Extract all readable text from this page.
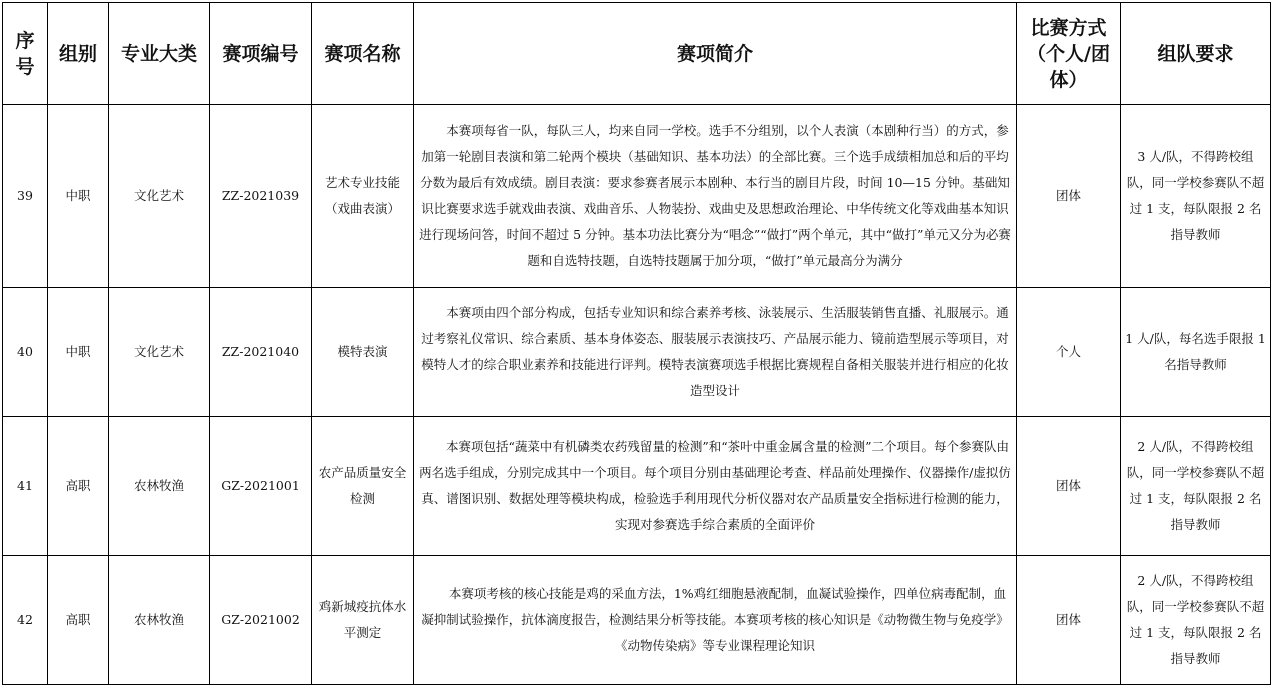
序号	组别	专业大类	赛项编号	赛项名称	赛项简介	比赛方式（个人/团体）	组队要求
39	中职	文化艺术	ZZ-2021039	艺术专业技能（戏曲表演）	本赛项每省一队，每队三人，均来自同一学校。选手不分组别，以个人表演（本剧种行当）的方式，参加第一轮剧目表演和第二轮两个模块（基础知识、基本功法）的全部比赛。三个选手成绩相加总和后的平均分数为最后有效成绩。剧目表演：要求参赛者展示本剧种、本行当的剧目片段，时间 10—15 分钟。基础知识比赛要求选手就戏曲表演、戏曲音乐、人物装扮、戏曲史及思想政治理论、中华传统文化等戏曲基本知识进行现场问答，时间不超过 5 分钟。基本功法比赛分为“唱念”“做打”两个单元，其中“做打”单元又分为必赛题和自选特技题，自选特技题属于加分项，“做打”单元最高分为满分	团体	3 人/队，不得跨校组队，同一学校参赛队不超过 1 支，每队限报 2 名指导教师
40	中职	文化艺术	ZZ-2021040	模特表演	本赛项由四个部分构成，包括专业知识和综合素养考核、泳装展示、生活服装销售直播、礼服展示。通过考察礼仪常识、综合素质、基本身体姿态、服装展示表演技巧、产品展示能力、镜前造型展示等项目，对模特人才的综合职业素养和技能进行评判。模特表演赛项选手根据比赛规程自备相关服装并进行相应的化妆造型设计	个人	1 人/队，每名选手限报 1 名指导教师
41	高职	农林牧渔	GZ-2021001	农产品质量安全检测	本赛项包括“蔬菜中有机磷类农药残留量的检测”和“茶叶中重金属含量的检测”二个项目。每个参赛队由两名选手组成，分别完成其中一个项目。每个项目分别由基础理论考查、样品前处理操作、仪器操作/虚拟仿真、谱图识别、数据处理等模块构成，检验选手利用现代分析仪器对农产品质量安全指标进行检测的能力，实现对参赛选手综合素质的全面评价	团体	2 人/队，不得跨校组队，同一学校参赛队不超过 1 支，每队限报 2 名指导教师
42	高职	农林牧渔	GZ-2021002	鸡新城疫抗体水平测定	本赛项考核的核心技能是鸡的采血方法，1%鸡红细胞悬液配制，血凝试验操作，四单位病毒配制，血凝抑制试验操作，抗体滴度报告，检测结果分析等技能。本赛项考核的核心知识是《动物微生物与免疫学》《动物传染病》等专业课程理论知识	团体	2 人/队，不得跨校组队，同一学校参赛队不超过 1 支，每队限报 2 名指导教师
